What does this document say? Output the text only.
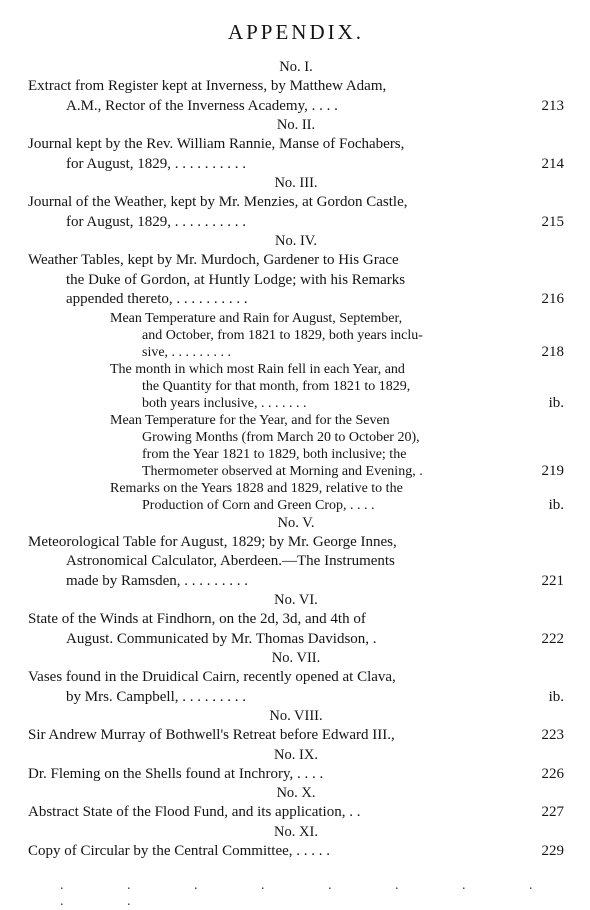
APPENDIX.
No. I.
Extract from Register kept at Inverness, by Matthew Adam,
A.M., Rector of the Inverness Academy, . . . .	213
No. II.
Journal kept by the Rev. William Rannie, Manse of Fochabers,
for August, 1829, . . . . . . . . . .	214
No. III.
Journal of the Weather, kept by Mr. Menzies, at Gordon Castle,
for August, 1829, . . . . . . . . . .	215
No. IV.
Weather Tables, kept by Mr. Murdoch, Gardener to His Grace
the Duke of Gordon, at Huntly Lodge; with his Remarks
appended thereto, . . . . . . . . . .	216
Mean Temperature and Rain for August, September,
and October, from 1821 to 1829, both years inclu-
sive, . . . . . . . . .	218
The month in which most Rain fell in each Year, and
the Quantity for that month, from 1821 to 1829,
both years inclusive, . . . . . . .	ib.
Mean Temperature for the Year, and for the Seven
Growing Months (from March 20 to October 20),
from the Year 1821 to 1829, both inclusive; the
Thermometer observed at Morning and Evening, .	219
Remarks on the Years 1828 and 1829, relative to the
Production of Corn and Green Crop, . . . .	ib.
No. V.
Meteorological Table for August, 1829; by Mr. George Innes,
Astronomical Calculator, Aberdeen.—The Instruments
made by Ramsden, . . . . . . . . .	221
No. VI.
State of the Winds at Findhorn, on the 2d, 3d, and 4th of
August. Communicated by Mr. Thomas Davidson, .	222
No. VII.
Vases found in the Druidical Cairn, recently opened at Clava,
by Mrs. Campbell, . . . . . . . . .	ib.
No. VIII.
Sir Andrew Murray of Bothwell's Retreat before Edward III.,	223
No. IX.
Dr. Fleming on the Shells found at Inchrory, . . . .	226
No. X.
Abstract State of the Flood Fund, and its application, . .	227
No. XI.
Copy of Circular by the Central Committee, . . . . .	229
. . . . . . . . . .
